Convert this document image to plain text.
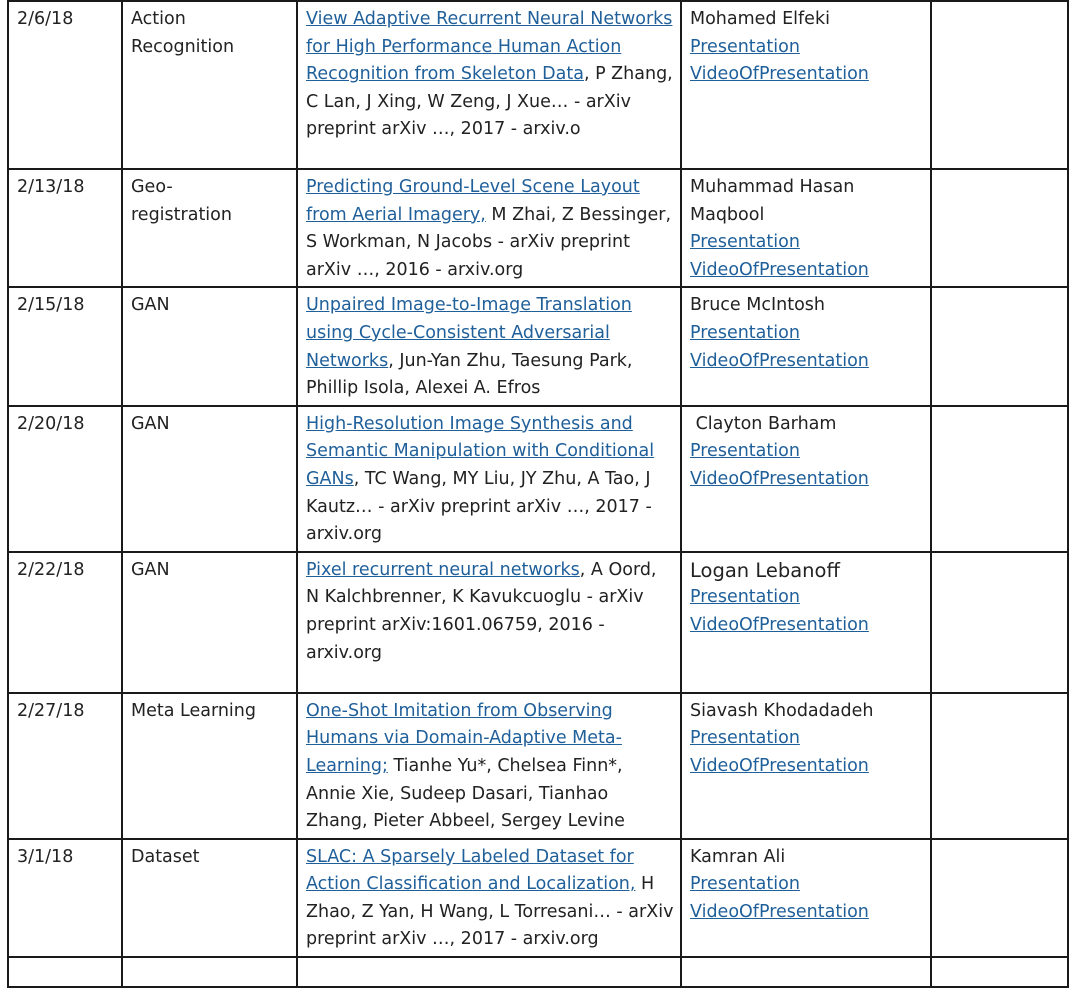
2/6/18	Action Recognition	View Adaptive Recurrent Neural Networks for High Performance Human Action Recognition from Skeleton Data, P Zhang, C Lan, J Xing, W Zeng, J Xue… - arXiv preprint arXiv …, 2017 - arxiv.o	Mohamed Elfeki
Presentation
VideoOfPresentation	

2/13/18	Geo-registration	Predicting Ground-Level Scene Layout from Aerial Imagery, M Zhai, Z Bessinger, S Workman, N Jacobs - arXiv preprint arXiv …, 2016 - arxiv.org	Muhammad Hasan Maqbool
Presentation
VideoOfPresentation	

2/15/18	GAN	Unpaired Image-to-Image Translation using Cycle-Consistent Adversarial Networks, Jun-Yan Zhu, Taesung Park, Phillip Isola, Alexei A. Efros	Bruce McIntosh
Presentation
VideoOfPresentation	

2/20/18	GAN	High-Resolution Image Synthesis and Semantic Manipulation with Conditional GANs, TC Wang, MY Liu, JY Zhu, A Tao, J Kautz… - arXiv preprint arXiv …, 2017 - arxiv.org	Clayton Barham
Presentation
VideoOfPresentation	

2/22/18	GAN	Pixel recurrent neural networks, A Oord, N Kalchbrenner, K Kavukcuoglu - arXiv preprint arXiv:1601.06759, 2016 - arxiv.org	Logan Lebanoff
Presentation
VideoOfPresentation	

2/27/18	Meta Learning	One-Shot Imitation from Observing Humans via Domain-Adaptive Meta-Learning; Tianhe Yu*, Chelsea Finn*, Annie Xie, Sudeep Dasari, Tianhao Zhang, Pieter Abbeel, Sergey Levine	Siavash Khodadadeh
Presentation
VideoOfPresentation	

3/1/18	Dataset	SLAC: A Sparsely Labeled Dataset for Action Classification and Localization, H Zhao, Z Yan, H Wang, L Torresani… - arXiv preprint arXiv …, 2017 - arxiv.org	Kamran Ali
Presentation
VideoOfPresentation	
